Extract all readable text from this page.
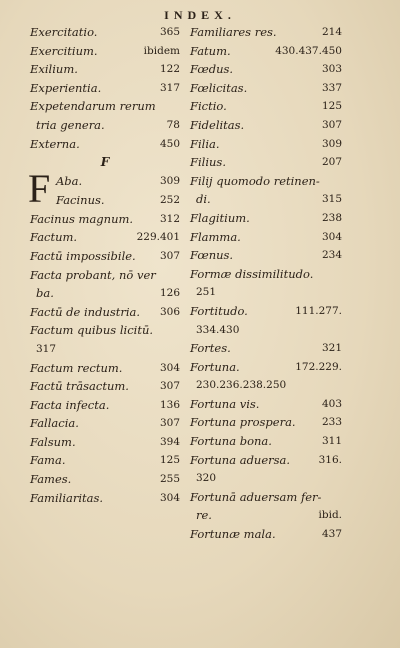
INDEX.
Exercitatio.	365
Exercitium.	ibidem
Exilium.	122
Experientia.	317
Expetendarum rerum
tria genera.	78
Externa.	450
F
F Aba.	309
Facinus.	252
Facinus magnum.	312
Factum.	229.401
Factū impossibile. 307
Facta probant, nō ver
ba.	126
Factū de industria. 306
Factum quibus licitū.
317
Factum rectum.	304
Factū trāsactum.	307
Facta infecta.	136
Fallacia.	307
Falsum.	394
Fama.	125
Fames.	255
Familiaritas.	304
Familiares res.	214
Fatum.	430.437.450
Fœdus.	303
Fœlicitas.	337
Fictio.	125
Fidelitas.	307
Filia.	309
Filius.	207
Filij quomodo retinen-
di.	315
Flagitium.	238
Flamma.	304
Fœnus.	234
Formæ dissimilitudo.
251
Fortitudo.	111.277.
334.430
Fortes.	321
Fortuna.	172.229.
230.236.238.250
Fortuna vis.	403
Fortuna prospera.	233
Fortuna bona.	311
Fortuna aduersa.	316.
320
Fortunā aduersam fer-
re.	ibid.
Fortunæ mala.	437
